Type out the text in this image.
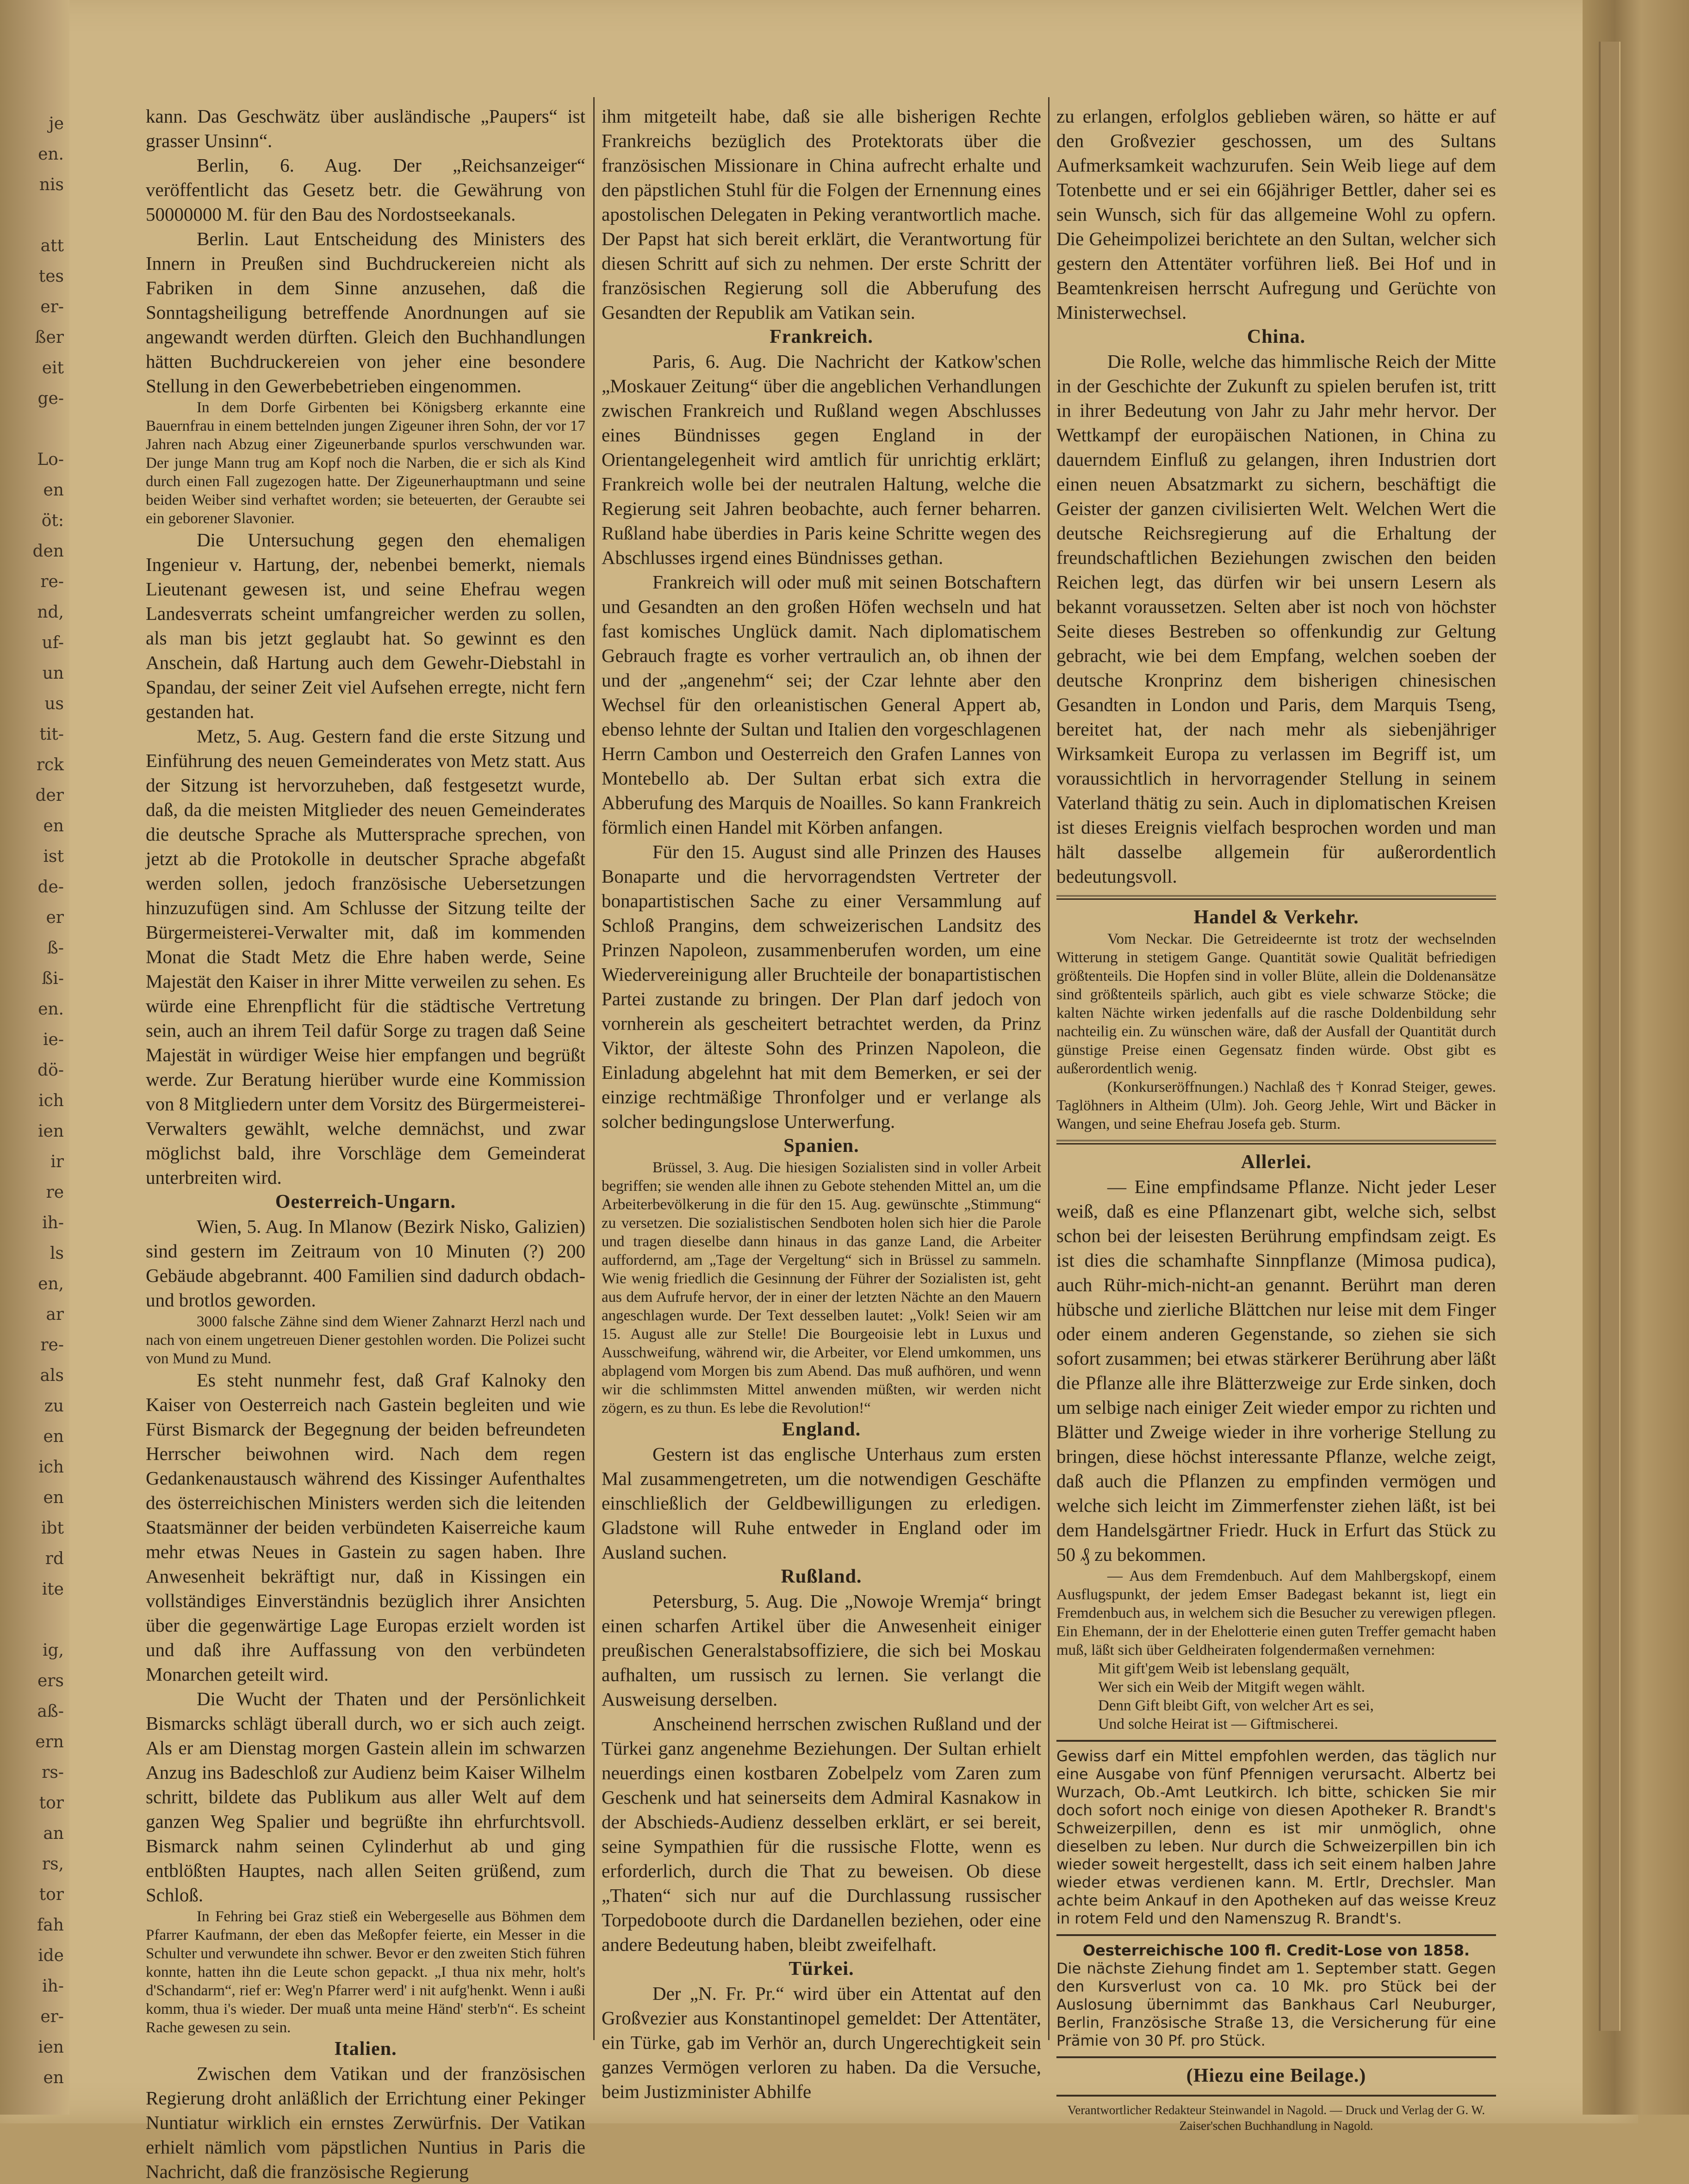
je
en.
nis
att
tes
er-
ßer
eit
ge-
Lo-
en
öt:
den
re-
nd,
uf-
un
us
tit-
rck
der
en
ist
de-
er
ß-
ßi-
en.
ie-
dö-
ich
ien
ir
re
ih-
ls
en,
ar
re-
als
zu
en
ich
en
ibt
rd
ite
ig,
ers
aß-
ern
rs-
tor
an
rs,
tor
fah
ide
ih-
er-
ien
en

kann. Das Geschwätz über ausländische „Paupers“ ist grasser Unsinn“.

Berlin, 6. Aug. Der „Reichsanzeiger“ veröffentlicht das Gesetz betr. die Gewährung von 50000000 M. für den Bau des Nordostseekanals.

Berlin. Laut Entscheidung des Ministers des Innern in Preußen sind Buchdruckereien nicht als Fabriken in dem Sinne anzusehen, daß die Sonntagsheiligung betreffende Anordnungen auf sie angewandt werden dürften. Gleich den Buchhandlungen hätten Buchdruckereien von jeher eine besondere Stellung in den Gewerbebetrieben eingenommen.

In dem Dorfe Girbenten bei Königsberg erkannte eine Bauernfrau in einem bettelnden jungen Zigeuner ihren Sohn, der vor 17 Jahren nach Abzug einer Zigeunerbande spurlos verschwunden war. Der junge Mann trug am Kopf noch die Narben, die er sich als Kind durch einen Fall zugezogen hatte. Der Zigeunerhauptmann und seine beiden Weiber sind verhaftet worden; sie beteuerten, der Geraubte sei ein geborener Slavonier.

Die Untersuchung gegen den ehemaligen Ingenieur v. Hartung, der, nebenbei bemerkt, niemals Lieutenant gewesen ist, und seine Ehefrau wegen Landesverrats scheint umfangreicher werden zu sollen, als man bis jetzt geglaubt hat. So gewinnt es den Anschein, daß Hartung auch dem Gewehr-Diebstahl in Spandau, der seiner Zeit viel Aufsehen erregte, nicht fern gestanden hat.

Metz, 5. Aug. Gestern fand die erste Sitzung und Einführung des neuen Gemeinderates von Metz statt. Aus der Sitzung ist hervorzuheben, daß festgesetzt wurde, daß, da die meisten Mitglieder des neuen Gemeinderates die deutsche Sprache als Muttersprache sprechen, von jetzt ab die Protokolle in deutscher Sprache abgefaßt werden sollen, jedoch französische Uebersetzungen hinzuzufügen sind. Am Schlusse der Sitzung teilte der Bürgermeisterei-Verwalter mit, daß im kommenden Monat die Stadt Metz die Ehre haben werde, Seine Majestät den Kaiser in ihrer Mitte verweilen zu sehen. Es würde eine Ehrenpflicht für die städtische Vertretung sein, auch an ihrem Teil dafür Sorge zu tragen daß Seine Majestät in würdiger Weise hier empfangen und begrüßt werde. Zur Beratung hierüber wurde eine Kommission von 8 Mitgliedern unter dem Vorsitz des Bürgermeisterei-Verwalters gewählt, welche demnächst, und zwar möglichst bald, ihre Vorschläge dem Gemeinderat unterbreiten wird.

Oesterreich-Ungarn.

Wien, 5. Aug. In Mlanow (Bezirk Nisko, Galizien) sind gestern im Zeitraum von 10 Minuten (?) 200 Gebäude abgebrannt. 400 Familien sind dadurch obdach- und brotlos geworden.

3000 falsche Zähne sind dem Wiener Zahnarzt Herzl nach und nach von einem ungetreuen Diener gestohlen worden. Die Polizei sucht von Mund zu Mund.

Es steht nunmehr fest, daß Graf Kalnoky den Kaiser von Oesterreich nach Gastein begleiten und wie Fürst Bismarck der Begegnung der beiden befreundeten Herrscher beiwohnen wird. Nach dem regen Gedankenaustausch während des Kissinger Aufenthaltes des österreichischen Ministers werden sich die leitenden Staatsmänner der beiden verbündeten Kaiserreiche kaum mehr etwas Neues in Gastein zu sagen haben. Ihre Anwesenheit bekräftigt nur, daß in Kissingen ein vollständiges Einverständnis bezüglich ihrer Ansichten über die gegenwärtige Lage Europas erzielt worden ist und daß ihre Auffassung von den verbündeten Monarchen geteilt wird.

Die Wucht der Thaten und der Persönlichkeit Bismarcks schlägt überall durch, wo er sich auch zeigt. Als er am Dienstag morgen Gastein allein im schwarzen Anzug ins Badeschloß zur Audienz beim Kaiser Wilhelm schritt, bildete das Publikum aus aller Welt auf dem ganzen Weg Spalier und begrüßte ihn ehrfurchtsvoll. Bismarck nahm seinen Cylinderhut ab und ging entblößten Hauptes, nach allen Seiten grüßend, zum Schloß.

In Fehring bei Graz stieß ein Webergeselle aus Böhmen dem Pfarrer Kaufmann, der eben das Meßopfer feierte, ein Messer in die Schulter und verwundete ihn schwer. Bevor er den zweiten Stich führen konnte, hatten ihn die Leute schon gepackt. „I thua nix mehr, holt's d'Schandarm“, rief er: Weg'n Pfarrer werd' i nit aufg'henkt. Wenn i außi komm, thua i's wieder. Der muaß unta meine Händ' sterb'n“. Es scheint Rache gewesen zu sein.

Italien.

Zwischen dem Vatikan und der französischen Regierung droht anläßlich der Errichtung einer Pekinger Nuntiatur wirklich ein ernstes Zerwürfnis. Der Vatikan erhielt nämlich vom päpstlichen Nuntius in Paris die Nachricht, daß die französische Regierung

ihm mitgeteilt habe, daß sie alle bisherigen Rechte Frankreichs bezüglich des Protektorats über die französischen Missionare in China aufrecht erhalte und den päpstlichen Stuhl für die Folgen der Ernennung eines apostolischen Delegaten in Peking verantwortlich mache. Der Papst hat sich bereit erklärt, die Verantwortung für diesen Schritt auf sich zu nehmen. Der erste Schritt der französischen Regierung soll die Abberufung des Gesandten der Republik am Vatikan sein.

Frankreich.

Paris, 6. Aug. Die Nachricht der Katkow'schen „Moskauer Zeitung“ über die angeblichen Verhandlungen zwischen Frankreich und Rußland wegen Abschlusses eines Bündnisses gegen England in der Orientangelegenheit wird amtlich für unrichtig erklärt; Frankreich wolle bei der neutralen Haltung, welche die Regierung seit Jahren beobachte, auch ferner beharren. Rußland habe überdies in Paris keine Schritte wegen des Abschlusses irgend eines Bündnisses gethan.

Frankreich will oder muß mit seinen Botschaftern und Gesandten an den großen Höfen wechseln und hat fast komisches Unglück damit. Nach diplomatischem Gebrauch fragte es vorher vertraulich an, ob ihnen der und der „angenehm“ sei; der Czar lehnte aber den Wechsel für den orleanistischen General Appert ab, ebenso lehnte der Sultan und Italien den vorgeschlagenen Herrn Cambon und Oesterreich den Grafen Lannes von Montebello ab. Der Sultan erbat sich extra die Abberufung des Marquis de Noailles. So kann Frankreich förmlich einen Handel mit Körben anfangen.

Für den 15. August sind alle Prinzen des Hauses Bonaparte und die hervorragendsten Vertreter der bonapartistischen Sache zu einer Versammlung auf Schloß Prangins, dem schweizerischen Landsitz des Prinzen Napoleon, zusammenberufen worden, um eine Wiedervereinigung aller Bruchteile der bonapartistischen Partei zustande zu bringen. Der Plan darf jedoch von vornherein als gescheitert betrachtet werden, da Prinz Viktor, der älteste Sohn des Prinzen Napoleon, die Einladung abgelehnt hat mit dem Bemerken, er sei der einzige rechtmäßige Thronfolger und er verlange als solcher bedingungslose Unterwerfung.

Spanien.

Brüssel, 3. Aug. Die hiesigen Sozialisten sind in voller Arbeit begriffen; sie wenden alle ihnen zu Gebote stehenden Mittel an, um die Arbeiterbevölkerung in die für den 15. Aug. gewünschte „Stimmung“ zu versetzen. Die sozialistischen Sendboten holen sich hier die Parole und tragen dieselbe dann hinaus in das ganze Land, die Arbeiter auffordernd, am „Tage der Vergeltung“ sich in Brüssel zu sammeln. Wie wenig friedlich die Gesinnung der Führer der Sozialisten ist, geht aus dem Aufrufe hervor, der in einer der letzten Nächte an den Mauern angeschlagen wurde. Der Text desselben lautet: „Volk! Seien wir am 15. August alle zur Stelle! Die Bourgeoisie lebt in Luxus und Ausschweifung, während wir, die Arbeiter, vor Elend umkommen, uns abplagend vom Morgen bis zum Abend. Das muß aufhören, und wenn wir die schlimmsten Mittel anwenden müßten, wir werden nicht zögern, es zu thun. Es lebe die Revolution!“

England.

Gestern ist das englische Unterhaus zum ersten Mal zusammengetreten, um die notwendigen Geschäfte einschließlich der Geldbewilligungen zu erledigen. Gladstone will Ruhe entweder in England oder im Ausland suchen.

Rußland.

Petersburg, 5. Aug. Die „Nowoje Wremja“ bringt einen scharfen Artikel über die Anwesenheit einiger preußischen Generalstabsoffiziere, die sich bei Moskau aufhalten, um russisch zu lernen. Sie verlangt die Ausweisung derselben.

Anscheinend herrschen zwischen Rußland und der Türkei ganz angenehme Beziehungen. Der Sultan erhielt neuerdings einen kostbaren Zobelpelz vom Zaren zum Geschenk und hat seinerseits dem Admiral Kasnakow in der Abschieds-Audienz desselben erklärt, er sei bereit, seine Sympathien für die russische Flotte, wenn es erforderlich, durch die That zu beweisen. Ob diese „Thaten“ sich nur auf die Durchlassung russischer Torpedoboote durch die Dardanellen beziehen, oder eine andere Bedeutung haben, bleibt zweifelhaft.

Türkei.

Der „N. Fr. Pr.“ wird über ein Attentat auf den Großvezier aus Konstantinopel gemeldet: Der Attentäter, ein Türke, gab im Verhör an, durch Ungerechtigkeit sein ganzes Vermögen verloren zu haben. Da die Versuche, beim Justizminister Abhilfe

zu erlangen, erfolglos geblieben wären, so hätte er auf den Großvezier geschossen, um des Sultans Aufmerksamkeit wachzurufen. Sein Weib liege auf dem Totenbette und er sei ein 66jähriger Bettler, daher sei es sein Wunsch, sich für das allgemeine Wohl zu opfern. Die Geheimpolizei berichtete an den Sultan, welcher sich gestern den Attentäter vorführen ließ. Bei Hof und in Beamtenkreisen herrscht Aufregung und Gerüchte von Ministerwechsel.

China.

Die Rolle, welche das himmlische Reich der Mitte in der Geschichte der Zukunft zu spielen berufen ist, tritt in ihrer Bedeutung von Jahr zu Jahr mehr hervor. Der Wettkampf der europäischen Nationen, in China zu dauerndem Einfluß zu gelangen, ihren Industrien dort einen neuen Absatzmarkt zu sichern, beschäftigt die Geister der ganzen civilisierten Welt. Welchen Wert die deutsche Reichsregierung auf die Erhaltung der freundschaftlichen Beziehungen zwischen den beiden Reichen legt, das dürfen wir bei unsern Lesern als bekannt voraussetzen. Selten aber ist noch von höchster Seite dieses Bestreben so offenkundig zur Geltung gebracht, wie bei dem Empfang, welchen soeben der deutsche Kronprinz dem bisherigen chinesischen Gesandten in London und Paris, dem Marquis Tseng, bereitet hat, der nach mehr als siebenjähriger Wirksamkeit Europa zu verlassen im Begriff ist, um voraussichtlich in hervorragender Stellung in seinem Vaterland thätig zu sein. Auch in diplomatischen Kreisen ist dieses Ereignis vielfach besprochen worden und man hält dasselbe allgemein für außerordentlich bedeutungsvoll.

Handel & Verkehr.

Vom Neckar. Die Getreideernte ist trotz der wechselnden Witterung in stetigem Gange. Quantität sowie Qualität befriedigen größtenteils. Die Hopfen sind in voller Blüte, allein die Doldenansätze sind größtenteils spärlich, auch gibt es viele schwarze Stöcke; die kalten Nächte wirken jedenfalls auf die rasche Doldenbildung sehr nachteilig ein. Zu wünschen wäre, daß der Ausfall der Quantität durch günstige Preise einen Gegensatz finden würde. Obst gibt es außerordentlich wenig.

(Konkurseröffnungen.) Nachlaß des † Konrad Steiger, gewes. Taglöhners in Altheim (Ulm). Joh. Georg Jehle, Wirt und Bäcker in Wangen, und seine Ehefrau Josefa geb. Sturm.

Allerlei.

— Eine empfindsame Pflanze. Nicht jeder Leser weiß, daß es eine Pflanzenart gibt, welche sich, selbst schon bei der leisesten Berührung empfindsam zeigt. Es ist dies die schamhafte Sinnpflanze (Mimosa pudica), auch Rühr-mich-nicht-an genannt. Berührt man deren hübsche und zierliche Blättchen nur leise mit dem Finger oder einem anderen Gegenstande, so ziehen sie sich sofort zusammen; bei etwas stärkerer Berührung aber läßt die Pflanze alle ihre Blätterzweige zur Erde sinken, doch um selbige nach einiger Zeit wieder empor zu richten und Blätter und Zweige wieder in ihre vorherige Stellung zu bringen, diese höchst interessante Pflanze, welche zeigt, daß auch die Pflanzen zu empfinden vermögen und welche sich leicht im Zimmerfenster ziehen läßt, ist bei dem Handelsgärtner Friedr. Huck in Erfurt das Stück zu 50 ₰ zu bekommen.

— Aus dem Fremdenbuch. Auf dem Mahlbergskopf, einem Ausflugspunkt, der jedem Emser Badegast bekannt ist, liegt ein Fremdenbuch aus, in welchem sich die Besucher zu verewigen pflegen. Ein Ehemann, der in der Ehelotterie einen guten Treffer gemacht haben muß, läßt sich über Geldheiraten folgendermaßen vernehmen:

Mit gift'gem Weib ist lebenslang gequält,
Wer sich ein Weib der Mitgift wegen wählt.
Denn Gift bleibt Gift, von welcher Art es sei,
Und solche Heirat ist — Giftmischerei.

Gewiss darf ein Mittel empfohlen werden, das täglich nur eine Ausgabe von fünf Pfennigen verursacht. Albertz bei Wurzach, Ob.-Amt Leutkirch. Ich bitte, schicken Sie mir doch sofort noch einige von diesen Apotheker R. Brandt's Schweizerpillen, denn es ist mir unmöglich, ohne dieselben zu leben. Nur durch die Schweizerpillen bin ich wieder soweit hergestellt, dass ich seit einem halben Jahre wieder etwas verdienen kann. M. Ertlr, Drechsler. Man achte beim Ankauf in den Apotheken auf das weisse Kreuz in rotem Feld und den Namenszug R. Brandt's.

Oesterreichische 100 fl. Credit-Lose von 1858.

Die nächste Ziehung findet am 1. September statt. Gegen den Kursverlust von ca. 10 Mk. pro Stück bei der Auslosung übernimmt das Bankhaus Carl Neuburger, Berlin, Französische Straße 13, die Versicherung für eine Prämie von 30 Pf. pro Stück.

(Hiezu eine Beilage.)

Verantwortlicher Redakteur Steinwandel in Nagold. — Druck und Verlag der G. W. Zaiser'schen Buchhandlung in Nagold.
